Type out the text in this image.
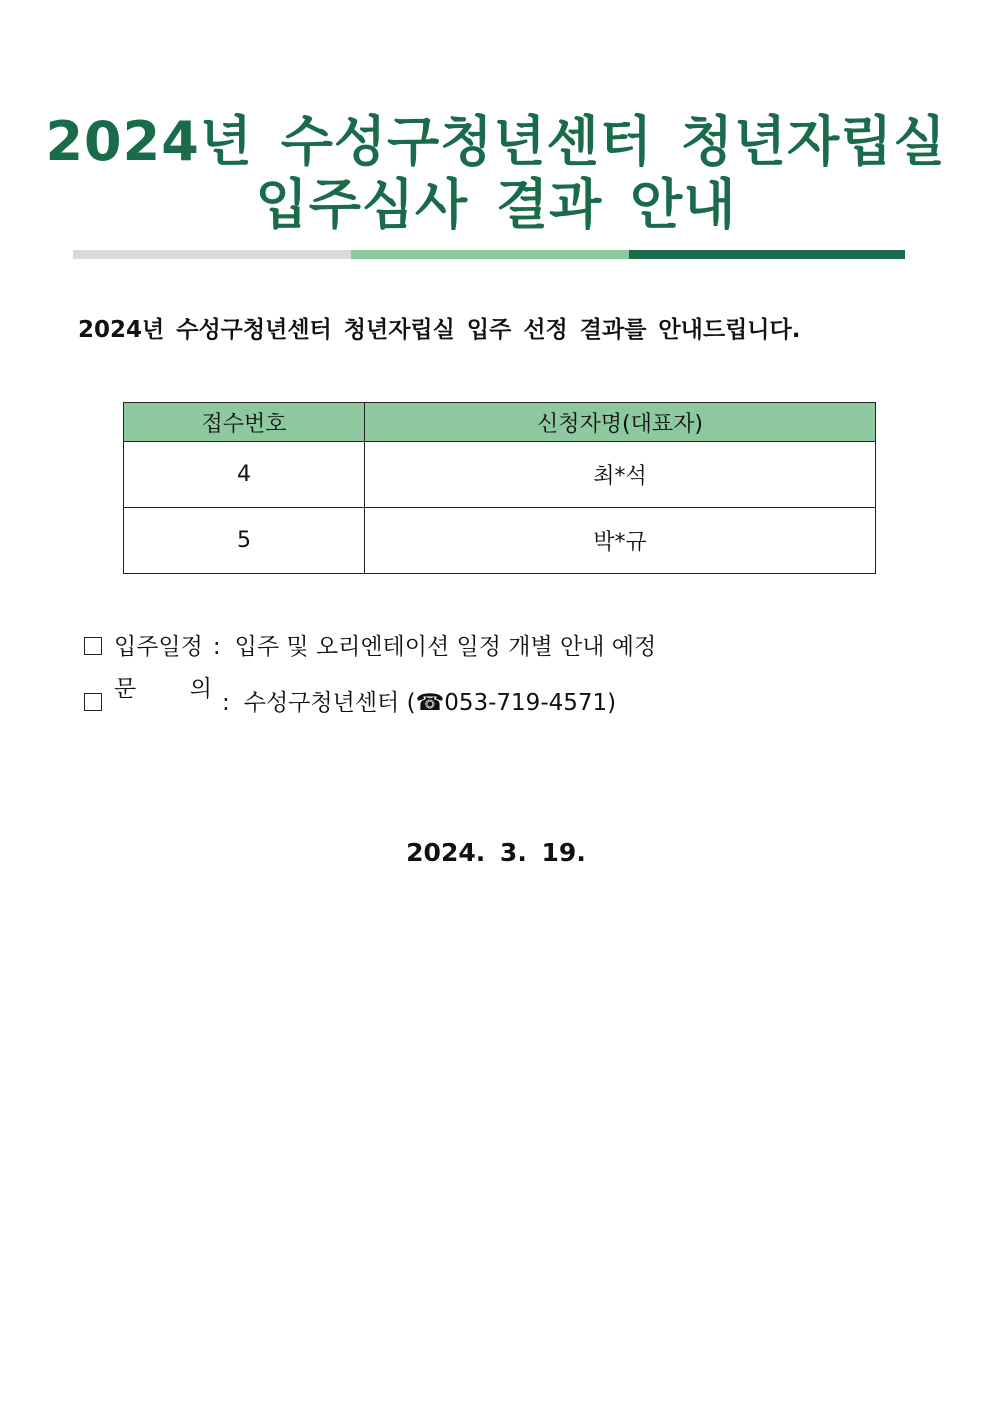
2024년 수성구청년센터 청년자립실
입주심사 결과 안내
2024년 수성구청년센터 청년자립실 입주 선정 결과를 안내드립니다.
접수번호	신청자명(대표자)
4	최*석
5	박*규
입주일정 : 입주 및 오리엔테이션 일정 개별 안내 예정
문 의
: 수성구청년센터 (☎053-719-4571)
2024. 3. 19.
